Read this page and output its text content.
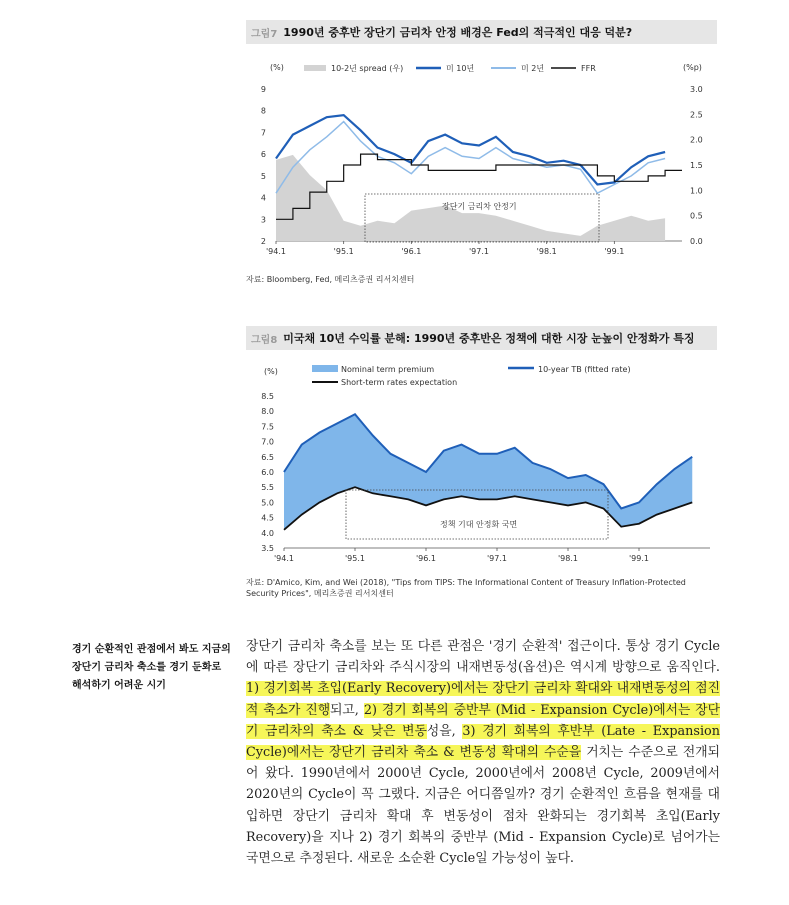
그림7 1990년 중후반 장단기 금리차 안정 배경은 Fed의 적극적인 대응 덕분?
(%)	(%p)
10-2년 spread (우)	미 10년	미 2년	FFR
2
3
4
5
6
7
8
9
0.0
0.5
1.0
1.5
2.0
2.5
3.0
'94.1	'95.1	'96.1	'97.1	'98.1	'99.1
장단기 금리차 안정기
자료: Bloomberg, Fed, 메리츠증권 리서치센터
그림8 미국채 10년 수익률 분해: 1990년 중후반은 정책에 대한 시장 눈높이 안정화가 특징
Nominal term premium	10-year TB (fitted rate)
Short-term rates expectation
(%)
3.5
4.0
4.5
5.0
5.5
6.0
6.5
7.0
7.5
8.0
8.5
'94.1	'95.1	'96.1	'97.1	'98.1	'99.1
정책 기대 안정화 국면
자료: D'Amico, Kim, and Wei (2018), "Tips from TIPS: The Informational Content of Treasury Inflation-Protected
Security Prices", 메리츠증권 리서치센터
경기 순환적인 관점에서 봐도 지금의 장단기 금리차 축소를 경기 둔화로 해석하기 어려운 시기
장단기 금리차 축소를 보는 또 다른 관점은 '경기 순환적' 접근이다. 통상 경기 Cycle에 따른 장단기 금리차와 주식시장의 내재변동성(옵션)은 역시계 방향으로 움직인다. 1) 경기회복 초입(Early Recovery)에서는 장단기 금리차 확대와 내재변동성의 점진적 축소가 진행되고, 2) 경기 회복의 중반부 (Mid - Expansion Cycle)에서는 장단기 금리차의 축소 & 낮은 변동성을, 3) 경기 회복의 후반부 (Late - Expansion Cycle)에서는 장단기 금리차 축소 & 변동성 확대의 수순을 거치는 수준으로 전개되어 왔다. 1990년에서 2000년 Cycle, 2000년에서 2008년 Cycle, 2009년에서 2020년의 Cycle이 꼭 그랬다. 지금은 어디쯤일까? 경기 순환적인 흐름을 현재를 대입하면 장단기 금리차 확대 후 변동성이 점차 완화되는 경기회복 초입(Early Recovery)을 지나 2) 경기 회복의 중반부 (Mid - Expansion Cycle)로 넘어가는 국면으로 추정된다. 새로운 소순환 Cycle일 가능성이 높다.
